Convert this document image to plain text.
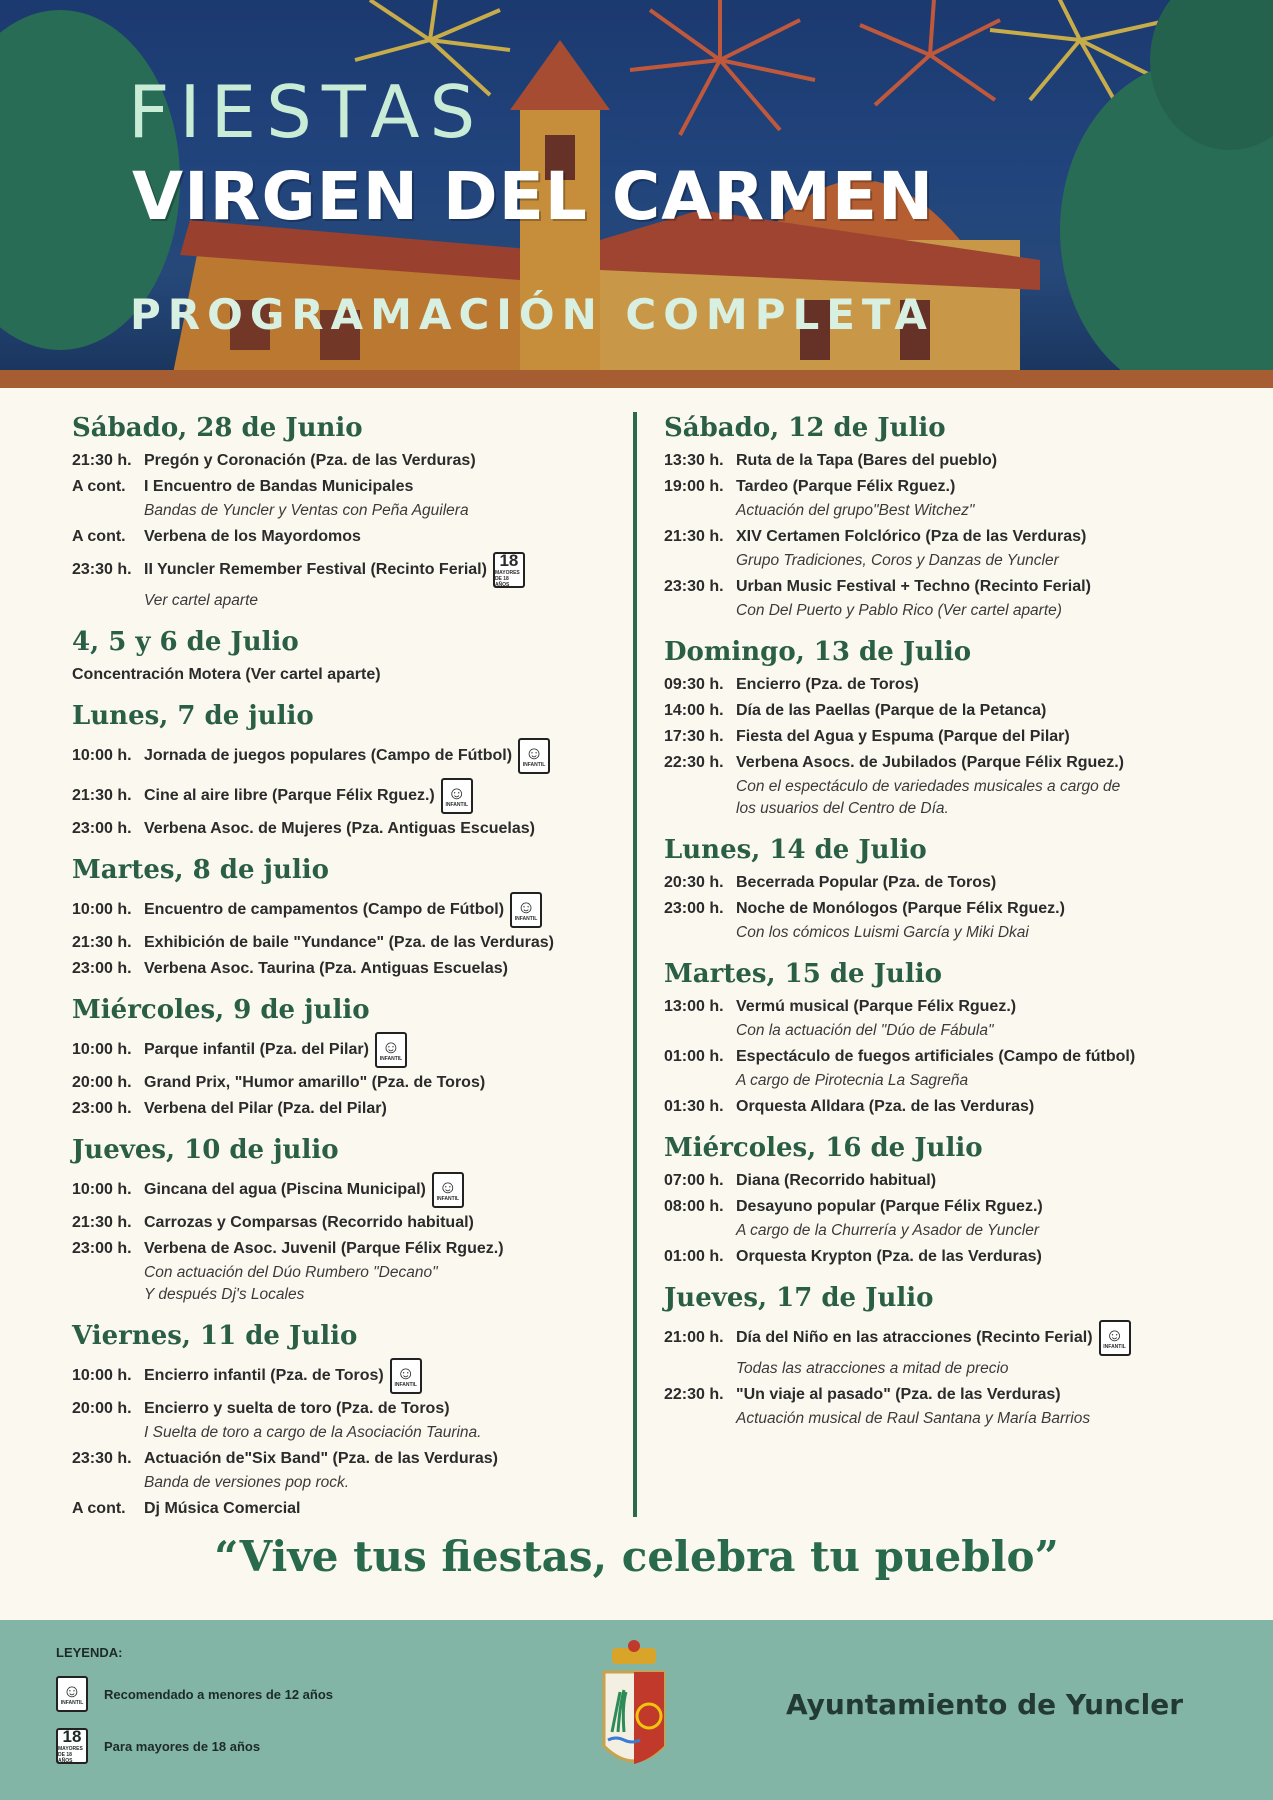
FIESTAS
VIRGEN DEL CARMEN
PROGRAMACIÓN COMPLETA
Sábado, 28 de Junio
21:30 h. Pregón y Coronación (Pza. de las Verduras)
A cont.	I Encuentro de Bandas Municipales
Bandas de Yuncler y Ventas con Peña Aguilera
A cont.	Verbena de los Mayordomos
23:30 h. II Yuncler Remember Festival (Recinto Ferial) 18
MAYORES DE 18 AÑOS
Ver cartel aparte
4, 5 y 6 de Julio
Concentración Motera (Ver cartel aparte)
Lunes, 7 de julio
10:00 h. Jornada de juegos populares (Campo de Fútbol) ☺
INFANTIL
21:30 h. Cine al aire libre (Parque Félix Rguez.) ☺
INFANTIL
23:00 h. Verbena Asoc. de Mujeres (Pza. Antiguas Escuelas)
Martes, 8 de julio
10:00 h. Encuentro de campamentos (Campo de Fútbol) ☺
INFANTIL
21:30 h. Exhibición de baile "Yundance" (Pza. de las Verduras)
23:00 h. Verbena Asoc. Taurina (Pza. Antiguas Escuelas)
Miércoles, 9 de julio
10:00 h. Parque infantil (Pza. del Pilar) ☺
INFANTIL
20:00 h. Grand Prix, "Humor amarillo" (Pza. de Toros)
23:00 h. Verbena del Pilar (Pza. del Pilar)
Jueves, 10 de julio
10:00 h. Gincana del agua (Piscina Municipal) ☺
INFANTIL
21:30 h. Carrozas y Comparsas (Recorrido habitual)
23:00 h. Verbena de Asoc. Juvenil (Parque Félix Rguez.)
Con actuación del Dúo Rumbero "Decano"
Y después Dj's Locales
Viernes, 11 de Julio
10:00 h. Encierro infantil (Pza. de Toros) ☺
INFANTIL
20:00 h. Encierro y suelta de toro (Pza. de Toros)
I Suelta de toro a cargo de la Asociación Taurina.
23:30 h. Actuación de"Six Band" (Pza. de las Verduras)
Banda de versiones pop rock.
A cont.	Dj Música Comercial
Sábado, 12 de Julio
13:30 h. Ruta de la Tapa (Bares del pueblo)
19:00 h. Tardeo (Parque Félix Rguez.)
Actuación del grupo"Best Witchez"
21:30 h. XIV Certamen Folclórico (Pza de las Verduras)
Grupo Tradiciones, Coros y Danzas de Yuncler
23:30 h. Urban Music Festival + Techno (Recinto Ferial)
Con Del Puerto y Pablo Rico (Ver cartel aparte)
Domingo, 13 de Julio
09:30 h. Encierro (Pza. de Toros)
14:00 h. Día de las Paellas (Parque de la Petanca)
17:30 h. Fiesta del Agua y Espuma (Parque del Pilar)
22:30 h. Verbena Asocs. de Jubilados (Parque Félix Rguez.)
Con el espectáculo de variedades musicales a cargo de
los usuarios del Centro de Día.
Lunes, 14 de Julio
20:30 h. Becerrada Popular (Pza. de Toros)
23:00 h. Noche de Monólogos (Parque Félix Rguez.)
Con los cómicos Luismi García y Miki Dkai
Martes, 15 de Julio
13:00 h. Vermú musical (Parque Félix Rguez.)
Con la actuación del "Dúo de Fábula"
01:00 h. Espectáculo de fuegos artificiales (Campo de fútbol)
A cargo de Pirotecnia La Sagreña
01:30 h. Orquesta Alldara (Pza. de las Verduras)
Miércoles, 16 de Julio
07:00 h. Diana (Recorrido habitual)
08:00 h. Desayuno popular (Parque Félix Rguez.)
A cargo de la Churrería y Asador de Yuncler
01:00 h. Orquesta Krypton (Pza. de las Verduras)
Jueves, 17 de Julio
21:00 h. Día del Niño en las atracciones (Recinto Ferial) ☺
INFANTIL
Todas las atracciones a mitad de precio
22:30 h. "Un viaje al pasado" (Pza. de las Verduras)
Actuación musical de Raul Santana y María Barrios
“Vive tus fiestas, celebra tu pueblo”
LEYENDA:
☺
INFANTIL
Recomendado a menores de 12 años
18
MAYORES DE 18 AÑOS
Para mayores de 18 años
Ayuntamiento de Yuncler
